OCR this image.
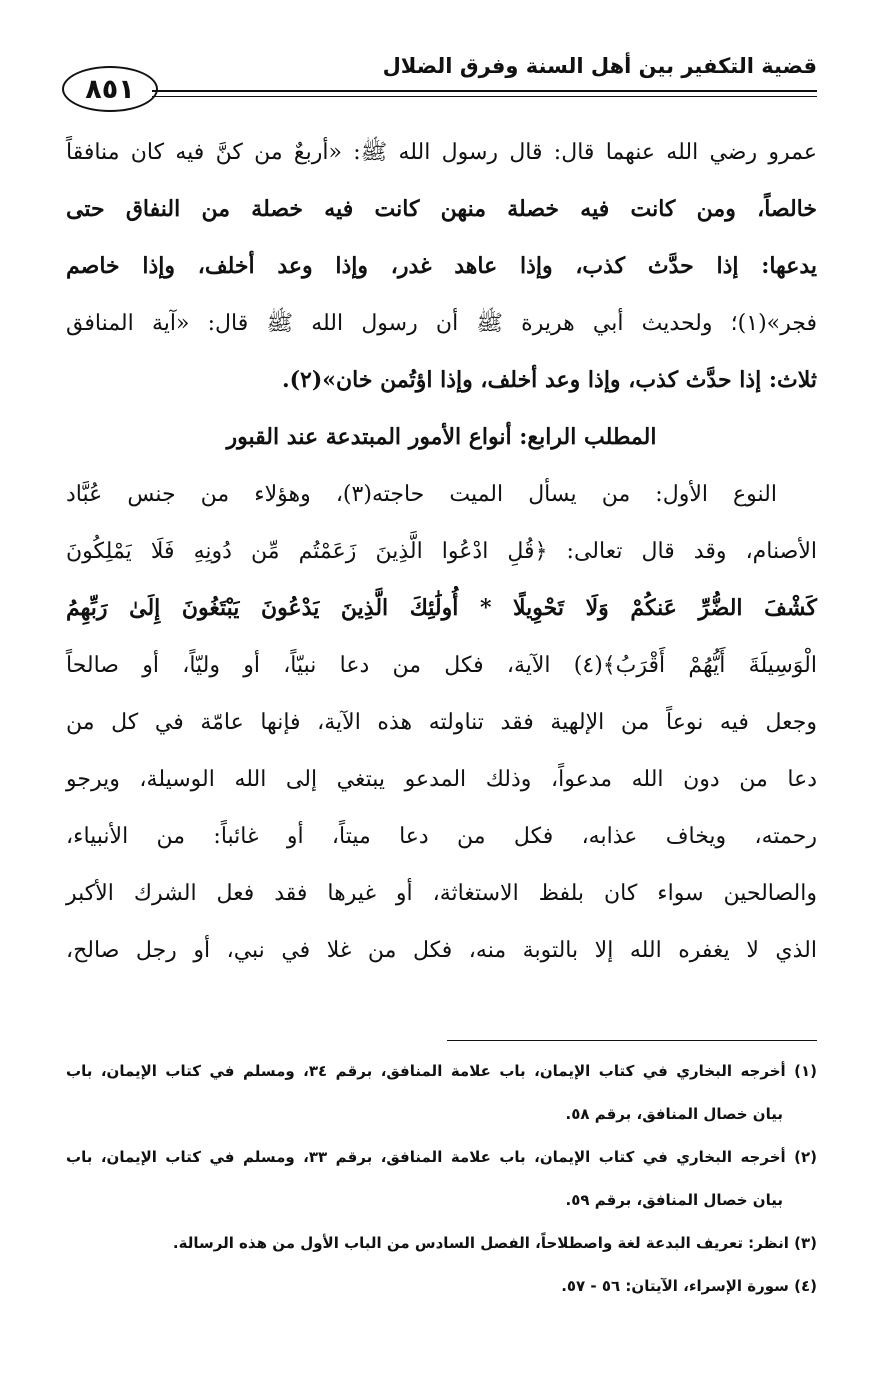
قضية التكفير بين أهل السنة وفرق الضلال
٨٥١
عمرو رضي الله عنهما قال: قال رسول الله ﷺ: «أربعٌ من كنَّ فيه كان منافقاً
خالصاً، ومن كانت فيه خصلة منهن كانت فيه خصلة من النفاق حتى
يدعها: إذا حدَّث كذب، وإذا عاهد غدر، وإذا وعد أخلف، وإذا خاصم
فجر»(١)؛ ولحديث أبي هريرة ﷺ أن رسول الله ﷺ قال: «آية المنافق
ثلاث: إذا حدَّث كذب، وإذا وعد أخلف، وإذا اؤتُمن خان»(٢).
المطلب الرابع: أنواع الأمور المبتدعة عند القبور
النوع الأول: من يسأل الميت حاجته(٣)، وهؤلاء من جنس عُبَّاد
الأصنام، وقد قال تعالى: ﴿قُلِ ادْعُوا الَّذِينَ زَعَمْتُم مِّن دُونِهِ فَلَا يَمْلِكُونَ
كَشْفَ الضُّرِّ عَنكُمْ وَلَا تَحْوِيلًا * أُولَٰئِكَ الَّذِينَ يَدْعُونَ يَبْتَغُونَ إِلَىٰ رَبِّهِمُ
الْوَسِيلَةَ أَيُّهُمْ أَقْرَبُ﴾(٤) الآية، فكل من دعا نبيّاً، أو وليّاً، أو صالحاً
وجعل فيه نوعاً من الإلهية فقد تناولته هذه الآية، فإنها عامّة في كل من
دعا من دون الله مدعواً، وذلك المدعو يبتغي إلى الله الوسيلة، ويرجو
رحمته، ويخاف عذابه، فكل من دعا ميتاً، أو غائباً: من الأنبياء،
والصالحين سواء كان بلفظ الاستغاثة، أو غيرها فقد فعل الشرك الأكبر
الذي لا يغفره الله إلا بالتوبة منه، فكل من غلا في نبي، أو رجل صالح،
(١) أخرجه البخاري في كتاب الإيمان، باب علامة المنافق، برقم ٣٤، ومسلم في كتاب الإيمان، باب
بيان خصال المنافق، برقم ٥٨.
(٢) أخرجه البخاري في كتاب الإيمان، باب علامة المنافق، برقم ٣٣، ومسلم في كتاب الإيمان، باب
بيان خصال المنافق، برقم ٥٩.
(٣) انظر: تعريف البدعة لغة واصطلاحاً، الفصل السادس من الباب الأول من هذه الرسالة.
(٤) سورة الإسراء، الآيتان: ٥٦ - ٥٧.
